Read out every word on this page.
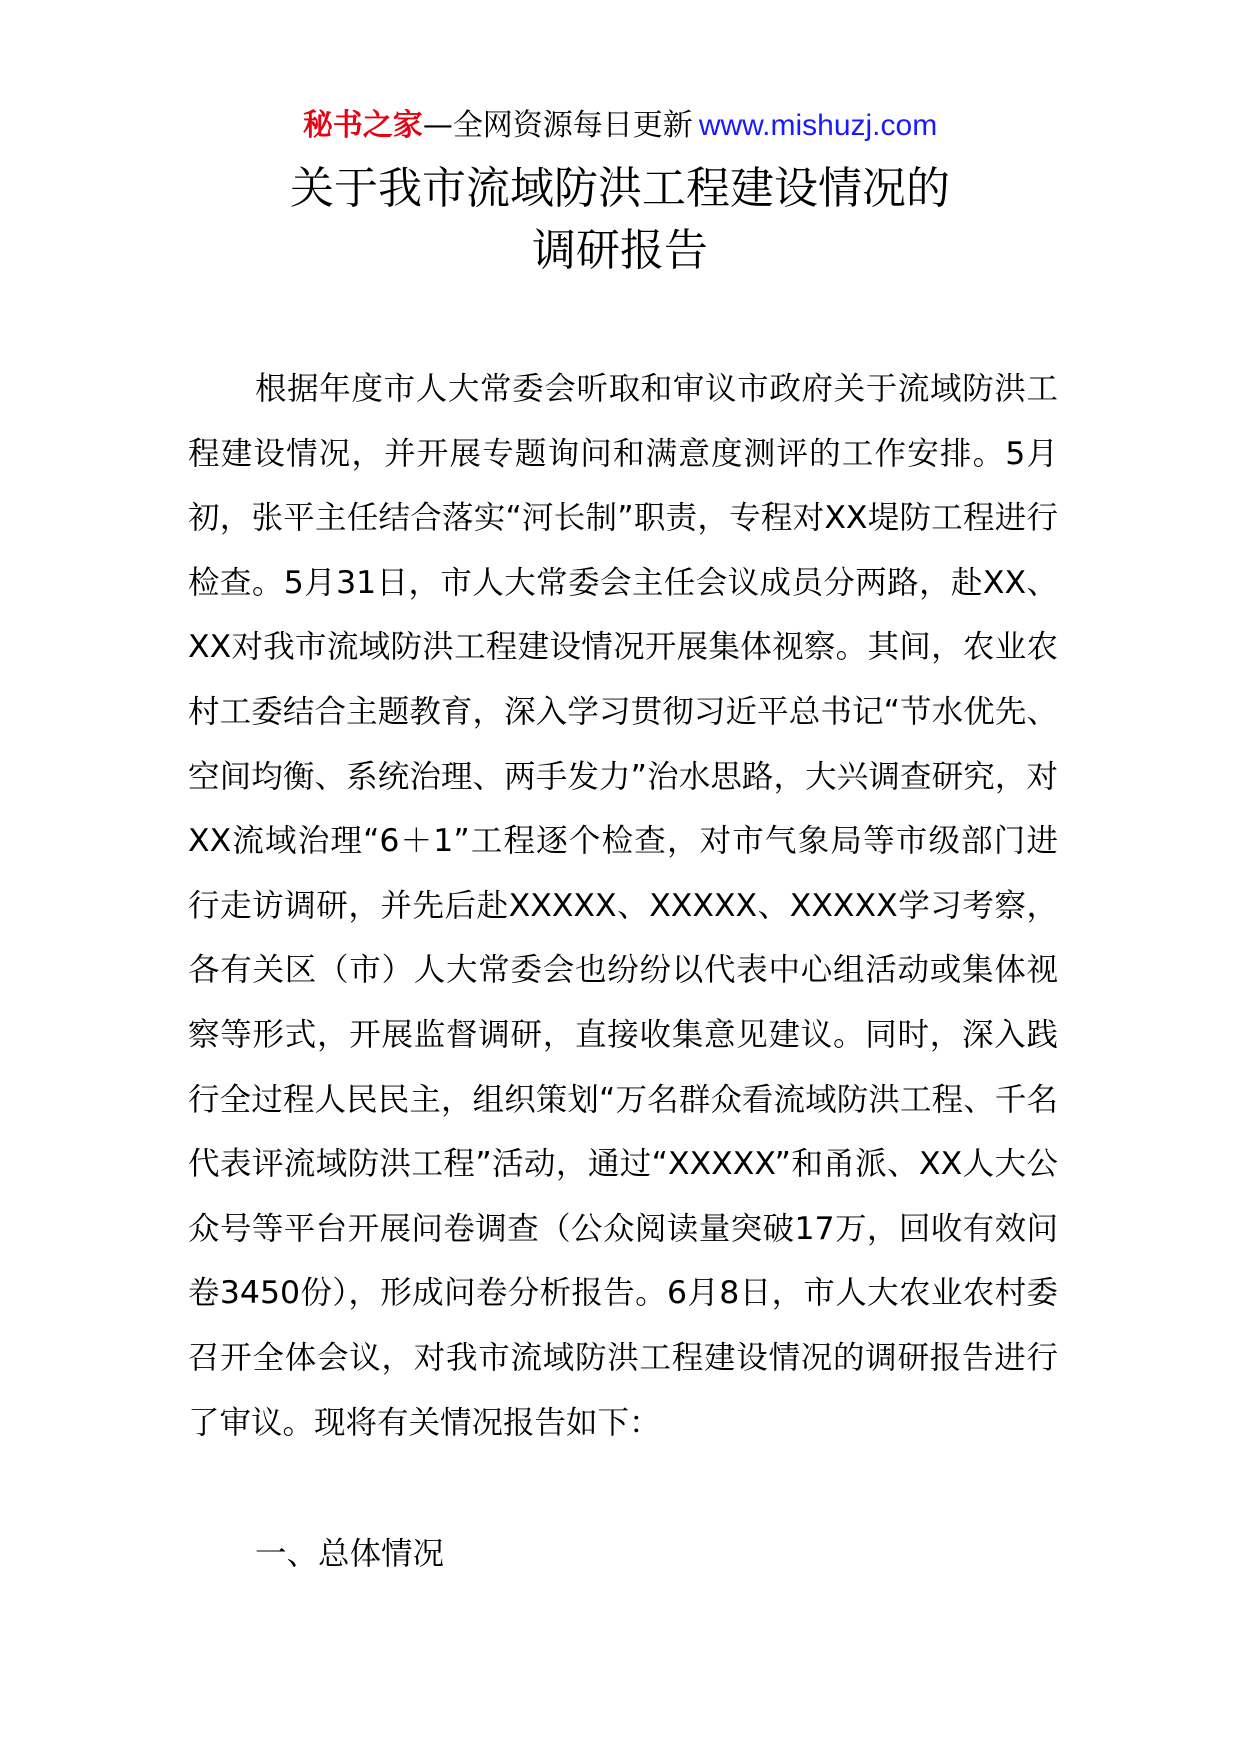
秘书之家—全网资源每日更新 www.mishuzj.com
关于我市流域防洪工程建设情况的
调研报告

根据年度市人大常委会听取和审议市政府关于流域防洪工程建设情况，并开展专题询问和满意度测评的工作安排。5月初，张平主任结合落实“河长制”职责，专程对XX堤防工程进行检查。5月31日，市人大常委会主任会议成员分两路，赴XX、XX对我市流域防洪工程建设情况开展集体视察。其间，农业农村工委结合主题教育，深入学习贯彻习近平总书记“节水优先、空间均衡、系统治理、两手发力”治水思路，大兴调查研究，对XX流域治理“6＋1”工程逐个检查，对市气象局等市级部门进行走访调研，并先后赴XXXXX、XXXXX、XXXXX学习考察，各有关区（市）人大常委会也纷纷以代表中心组活动或集体视察等形式，开展监督调研，直接收集意见建议。同时，深入践行全过程人民民主，组织策划“万名群众看流域防洪工程、千名代表评流域防洪工程”活动，通过“XXXXX”和甬派、XX人大公众号等平台开展问卷调查（公众阅读量突破17万，回收有效问卷3450份），形成问卷分析报告。6月8日，市人大农业农村委召开全体会议，对我市流域防洪工程建设情况的调研报告进行了审议。现将有关情况报告如下：

一、总体情况
